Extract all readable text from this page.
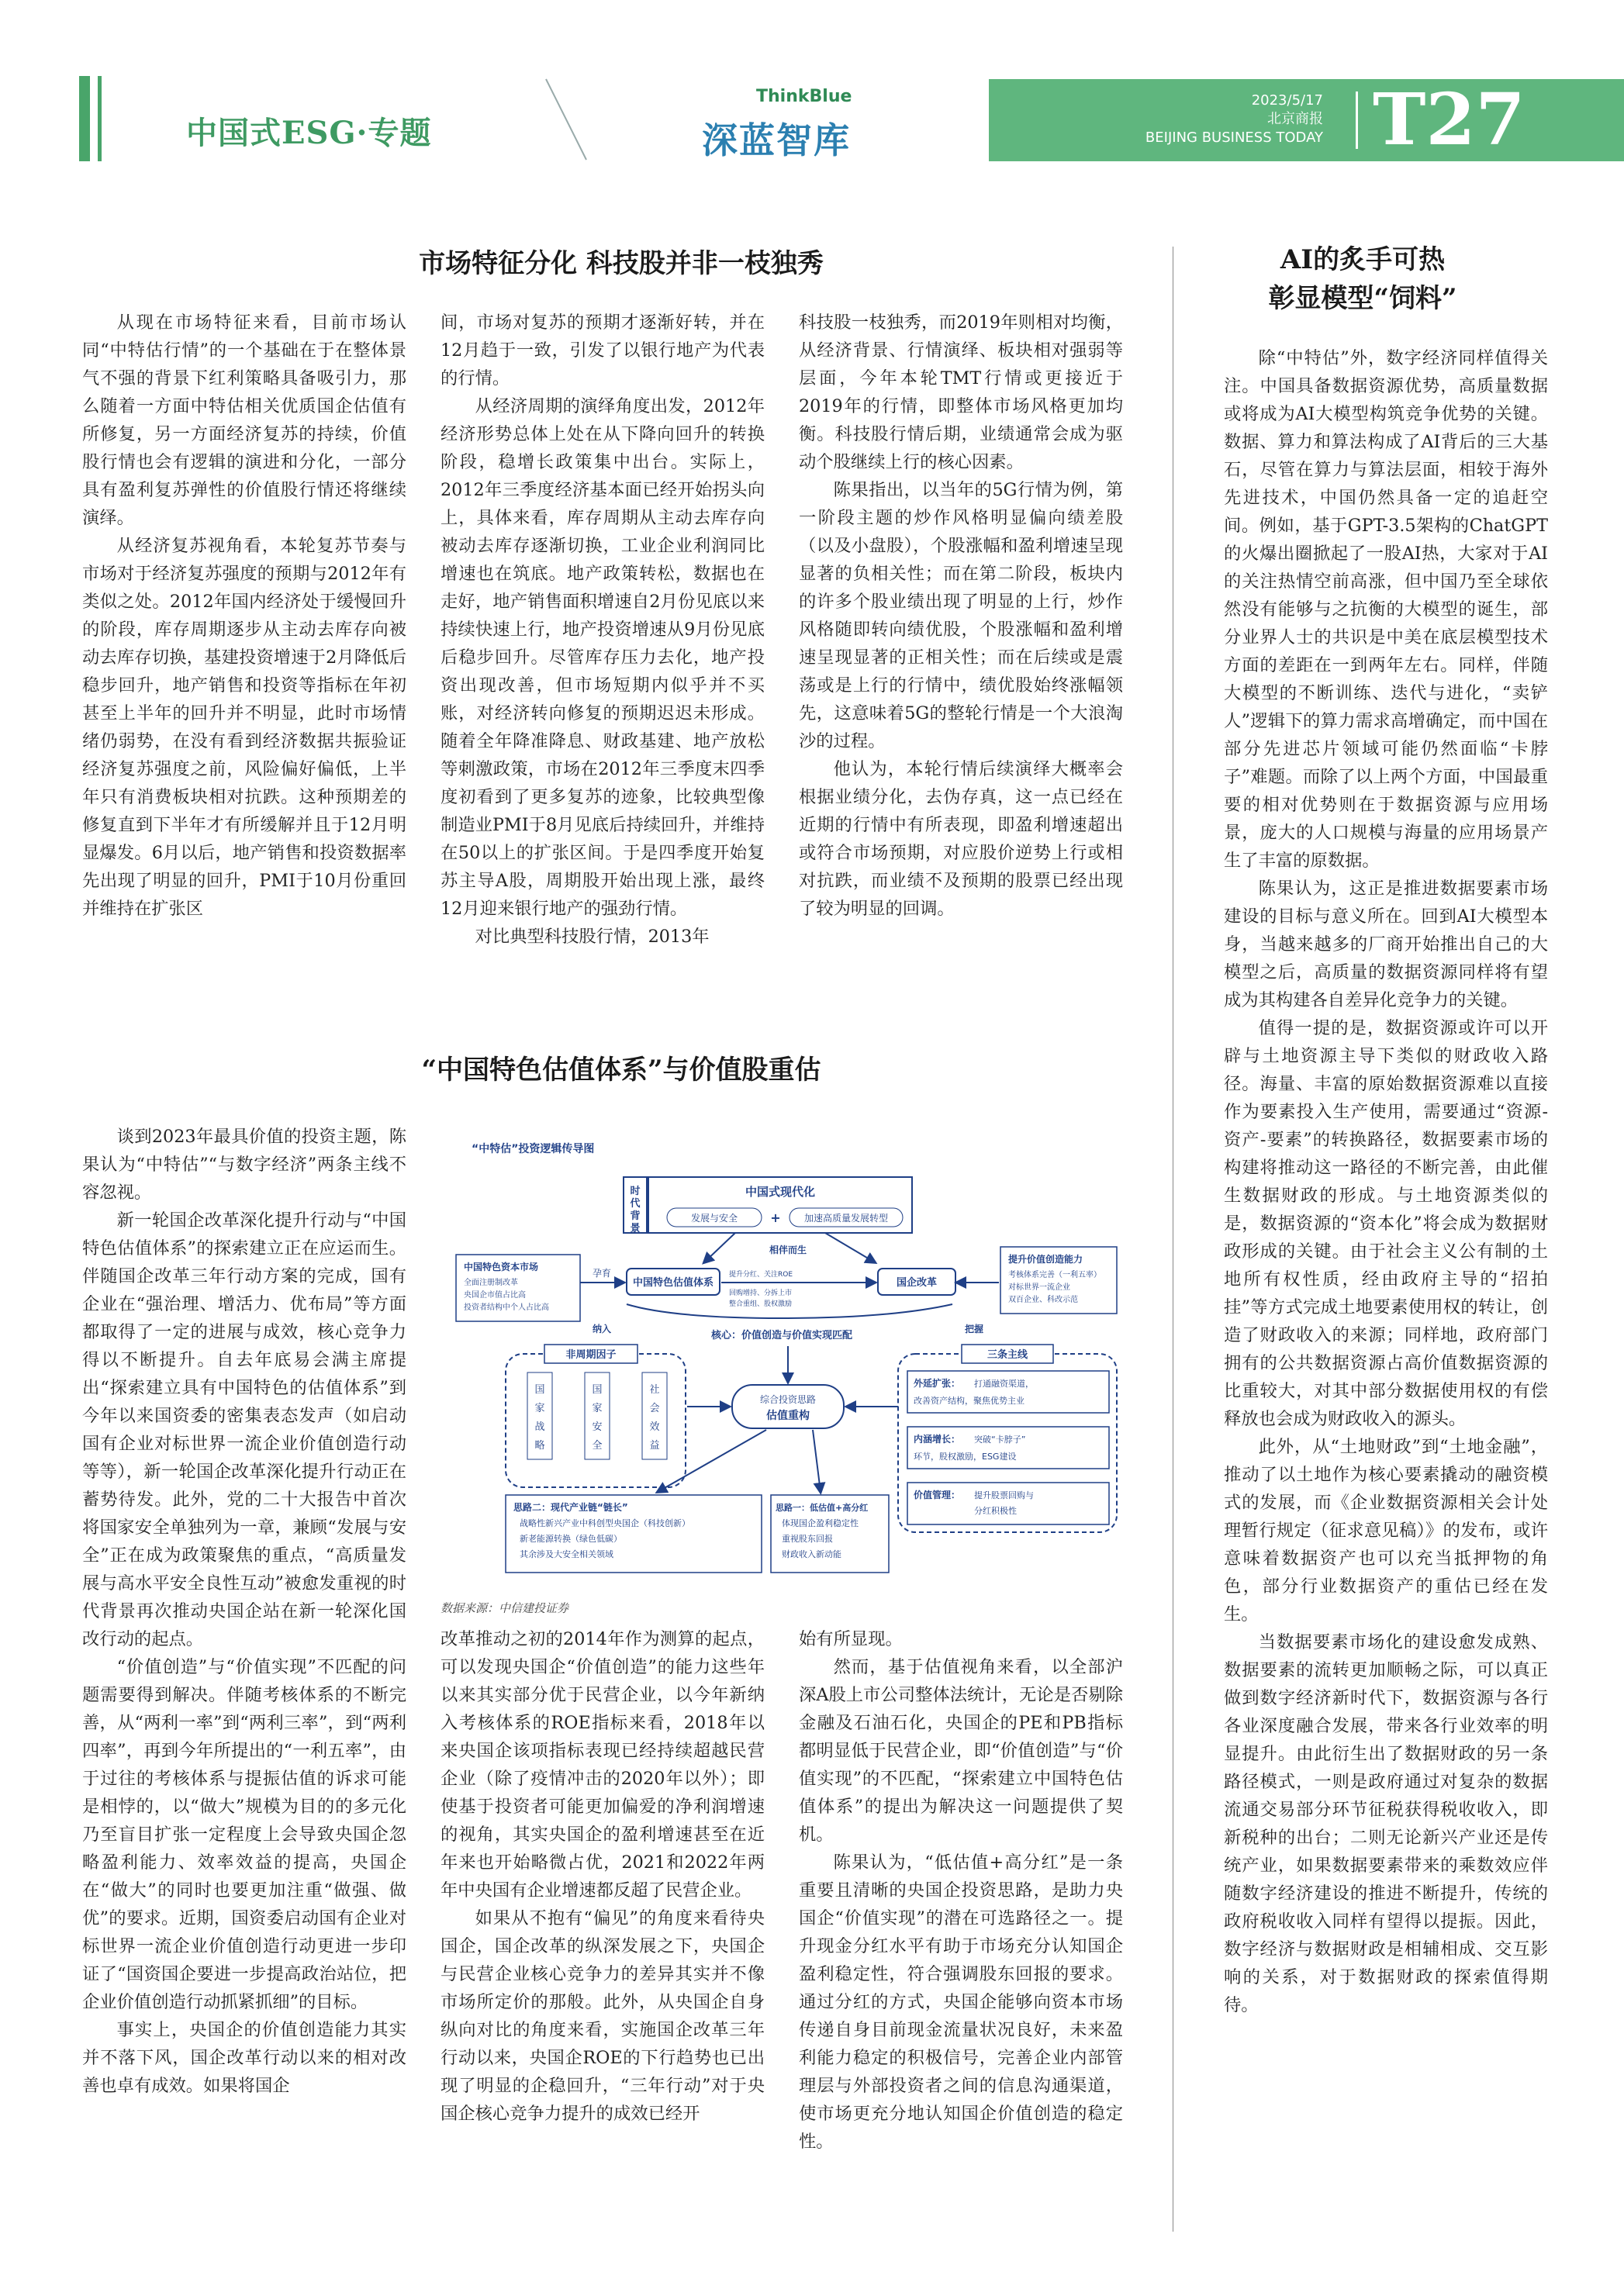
中国式ESG·专题
ThinkBlue
深蓝智库
2023/5/17
北京商报
BEIJING BUSINESS TODAY T27
市场特征分化 科技股并非一枝独秀

从现在市场特征来看，目前市场认同“中特估行情”的一个基础在于在整体景气不强的背景下红利策略具备吸引力，那么随着一方面中特估相关优质国企估值有所修复，另一方面经济复苏的持续，价值股行情也会有逻辑的演进和分化，一部分具有盈利复苏弹性的价值股行情还将继续演绎。

从经济复苏视角看，本轮复苏节奏与市场对于经济复苏强度的预期与2012年有类似之处。2012年国内经济处于缓慢回升的阶段，库存周期逐步从主动去库存向被动去库存切换，基建投资增速于2月降低后稳步回升，地产销售和投资等指标在年初甚至上半年的回升并不明显，此时市场情绪仍弱势，在没有看到经济数据共振验证经济复苏强度之前，风险偏好偏低，上半年只有消费板块相对抗跌。这种预期差的修复直到下半年才有所缓解并且于12月明显爆发。6月以后，地产销售和投资数据率先出现了明显的回升，PMI于10月份重回并维持在扩张区

间，市场对复苏的预期才逐渐好转，并在12月趋于一致，引发了以银行地产为代表的行情。

从经济周期的演绎角度出发，2012年经济形势总体上处在从下降向回升的转换阶段，稳增长政策集中出台。实际上，2012年三季度经济基本面已经开始拐头向上，具体来看，库存周期从主动去库存向被动去库存逐渐切换，工业企业利润同比增速也在筑底。地产政策转松，数据也在走好，地产销售面积增速自2月份见底以来持续快速上行，地产投资增速从9月份见底后稳步回升。尽管库存压力去化，地产投资出现改善，但市场短期内似乎并不买账，对经济转向修复的预期迟迟未形成。随着全年降准降息、财政基建、地产放松等刺激政策，市场在2012年三季度末四季度初看到了更多复苏的迹象，比较典型像制造业PMI于8月见底后持续回升，并维持在50以上的扩张区间。于是四季度开始复苏主导A股，周期股开始出现上涨，最终12月迎来银行地产的强劲行情。

对比典型科技股行情，2013年

科技股一枝独秀，而2019年则相对均衡，从经济背景、行情演绎、板块相对强弱等层面，今年本轮TMT行情或更接近于2019年的行情，即整体市场风格更加均衡。科技股行情后期，业绩通常会成为驱动个股继续上行的核心因素。

陈果指出，以当年的5G行情为例，第一阶段主题的炒作风格明显偏向绩差股（以及小盘股），个股涨幅和盈利增速呈现显著的负相关性；而在第二阶段，板块内的许多个股业绩出现了明显的上行，炒作风格随即转向绩优股，个股涨幅和盈利增速呈现显著的正相关性；而在后续或是震荡或是上行的行情中，绩优股始终涨幅领先，这意味着5G的整轮行情是一个大浪淘沙的过程。

他认为，本轮行情后续演绎大概率会根据业绩分化，去伪存真，这一点已经在近期的行情中有所表现，即盈利增速超出或符合市场预期，对应股价逆势上行或相对抗跌，而业绩不及预期的股票已经出现了较为明显的回调。

“中国特色估值体系”与价值股重估

谈到2023年最具价值的投资主题，陈果认为“中特估”“与数字经济”两条主线不容忽视。

新一轮国企改革深化提升行动与“中国特色估值体系”的探索建立正在应运而生。伴随国企改革三年行动方案的完成，国有企业在“强治理、增活力、优布局”等方面都取得了一定的进展与成效，核心竞争力得以不断提升。自去年底易会满主席提出“探索建立具有中国特色的估值体系”到今年以来国资委的密集表态发声（如启动国有企业对标世界一流企业价值创造行动等等），新一轮国企改革深化提升行动正在蓄势待发。此外，党的二十大报告中首次将国家安全单独列为一章，兼顾“发展与安全”正在成为政策聚焦的重点，“高质量发展与高水平安全良性互动”被愈发重视的时代背景再次推动央国企站在新一轮深化国改行动的起点。

“价值创造”与“价值实现”不匹配的问题需要得到解决。伴随考核体系的不断完善，从“两利一率”到“两利三率”，到“两利四率”，再到今年所提出的“一利五率”，由于过往的考核体系与提振估值的诉求可能是相悖的，以“做大”规模为目的的多元化乃至盲目扩张一定程度上会导致央国企忽略盈利能力、效率效益的提高，央国企在“做大”的同时也要更加注重“做强、做优”的要求。近期，国资委启动国有企业对标世界一流企业价值创造行动更进一步印证了“国资国企要进一步提高政治站位，把企业价值创造行动抓紧抓细”的目标。

事实上，央国企的价值创造能力其实并不落下风，国企改革行动以来的相对改善也卓有成效。如果将国企

改革推动之初的2014年作为测算的起点，可以发现央国企“价值创造”的能力这些年以来其实部分优于民营企业，以今年新纳入考核体系的ROE指标来看，2018年以来央国企该项指标表现已经持续超越民营企业（除了疫情冲击的2020年以外）；即使基于投资者可能更加偏爱的净利润增速的视角，其实央国企的盈利增速甚至在近年来也开始略微占优，2021和2022年两年中央国有企业增速都反超了民营企业。

如果从不抱有“偏见”的角度来看待央国企，国企改革的纵深发展之下，央国企与民营企业核心竞争力的差异其实并不像市场所定价的那般。此外，从央国企自身纵向对比的角度来看，实施国企改革三年行动以来，央国企ROE的下行趋势也已出现了明显的企稳回升，“三年行动”对于央国企核心竞争力提升的成效已经开

始有所显现。

然而，基于估值视角来看，以全部沪深A股上市公司整体法统计，无论是否剔除金融及石油石化，央国企的PE和PB指标都明显低于民营企业，即“价值创造”与“价值实现”的不匹配，“探索建立中国特色估值体系”的提出为解决这一问题提供了契机。

陈果认为，“低估值+高分红”是一条重要且清晰的央国企投资思路，是助力央国企“价值实现”的潜在可选路径之一。提升现金分红水平有助于市场充分认知国企盈利稳定性，符合强调股东回报的要求。通过分红的方式，央国企能够向资本市场传递自身目前现金流量状况良好，未来盈利能力稳定的积极信号，完善企业内部管理层与外部投资者之间的信息沟通渠道，使市场更充分地认知国企价值创造的稳定性。

AI的炙手可热
彰显模型“饲料”

除“中特估”外，数字经济同样值得关注。中国具备数据资源优势，高质量数据或将成为AI大模型构筑竞争优势的关键。数据、算力和算法构成了AI背后的三大基石，尽管在算力与算法层面，相较于海外先进技术，中国仍然具备一定的追赶空间。例如，基于GPT-3.5架构的ChatGPT的火爆出圈掀起了一股AI热，大家对于AI的关注热情空前高涨，但中国乃至全球依然没有能够与之抗衡的大模型的诞生，部分业界人士的共识是中美在底层模型技术方面的差距在一到两年左右。同样，伴随大模型的不断训练、迭代与进化，“卖铲人”逻辑下的算力需求高增确定，而中国在部分先进芯片领域可能仍然面临“卡脖子”难题。而除了以上两个方面，中国最重要的相对优势则在于数据资源与应用场景，庞大的人口规模与海量的应用场景产生了丰富的原数据。

陈果认为，这正是推进数据要素市场建设的目标与意义所在。回到AI大模型本身，当越来越多的厂商开始推出自己的大模型之后，高质量的数据资源同样将有望成为其构建各自差异化竞争力的关键。

值得一提的是，数据资源或许可以开辟与土地资源主导下类似的财政收入路径。海量、丰富的原始数据资源难以直接作为要素投入生产使用，需要通过“资源-资产-要素”的转换路径，数据要素市场的构建将推动这一路径的不断完善，由此催生数据财政的形成。与土地资源类似的是，数据资源的“资本化”将会成为数据财政形成的关键。由于社会主义公有制的土地所有权性质，经由政府主导的“招拍挂”等方式完成土地要素使用权的转让，创造了财政收入的来源；同样地，政府部门拥有的公共数据资源占高价值数据资源的比重较大，对其中部分数据使用权的有偿释放也会成为财政收入的源头。

此外，从“土地财政”到“土地金融”，推动了以土地作为核心要素撬动的融资模式的发展，而《企业数据资源相关会计处理暂行规定（征求意见稿）》的发布，或许意味着数据资产也可以充当抵押物的角色，部分行业数据资产的重估已经在发生。

当数据要素市场化的建设愈发成熟、数据要素的流转更加顺畅之际，可以真正做到数字经济新时代下，数据资源与各行各业深度融合发展，带来各行业效率的明显提升。由此衍生出了数据财政的另一条路径模式，一则是政府通过对复杂的数据流通交易部分环节征税获得税收收入，即新税种的出台；二则无论新兴产业还是传统产业，如果数据要素带来的乘数效应伴随数字经济建设的推进不断提升，传统的政府税收收入同样有望得以提振。因此，数字经济与数据财政是相辅相成、交互影响的关系，对于数据财政的探索值得期待。

“中特估”投资逻辑传导图
时代背景
中国式现代化
发展与安全	+	加速高质量发展转型
相伴而生
中国特色资本市场
全面注册制改革
央国企市值占比高
投资者结构中个人占比高
孕育
中国特色估值体系
提升分红、关注ROE
回购增持、分拆上市
整合重组、股权激励
国企改革
提升价值创造能力
考核体系完善（一利五率）
对标世界一流企业
双百企业、科改示范
纳入	把握
核心：价值创造与价值实现匹配
非周期因子	三条主线
国家战略
国家安全
社会效益
综合投资思路
估值重构
外延扩张： 打通融资渠道，
改善资产结构，聚焦优势主业
内涵增长： 突破“卡脖子”
环节，股权激励，ESG建设
价值管理： 提升股票回购与
分红积极性
思路二：现代产业链“链长”
战略性新兴产业中科创型央国企（科技创新）
新老能源转换（绿色低碳）
其余涉及大安全相关领域
思路一：低估值+高分红
体现国企盈利稳定性
重视股东回报
财政收入新动能
数据来源：中信建投证券
